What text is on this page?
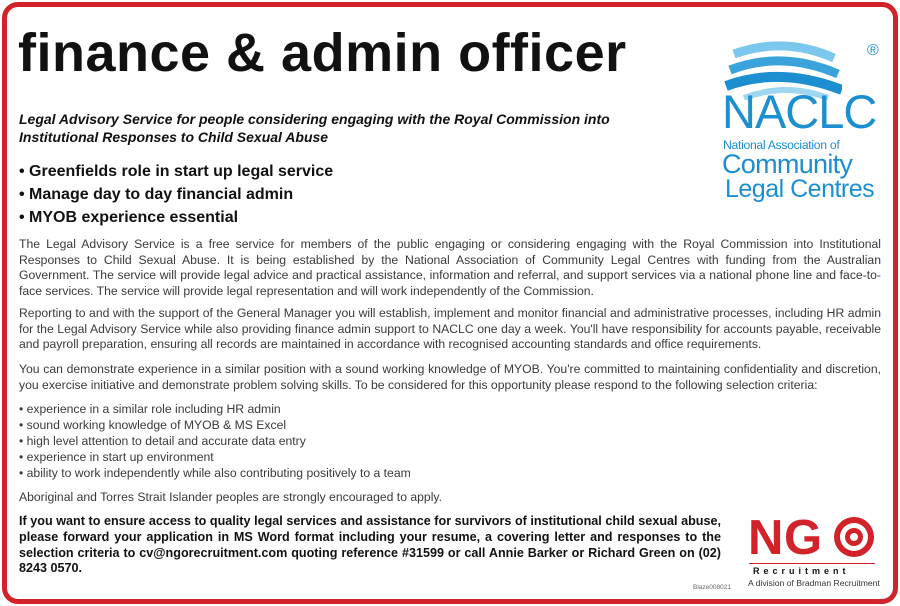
finance & admin officer

Legal Advisory Service for people considering engaging with the Royal Commission into Institutional Responses to Child Sexual Abuse

• Greenfields role in start up legal service
• Manage day to day financial admin
• MYOB experience essential

The Legal Advisory Service is a free service for members of the public engaging or considering engaging with the Royal Commission into Institutional Responses to Child Sexual Abuse. It is being established by the National Association of Community Legal Centres with funding from the Australian Government. The service will provide legal advice and practical assistance, information and referral, and support services via a national phone line and face-to-face services. The service will provide legal representation and will work independently of the Commission.

Reporting to and with the support of the General Manager you will establish, implement and monitor financial and administrative processes, including HR admin for the Legal Advisory Service while also providing finance admin support to NACLC one day a week. You'll have responsibility for accounts payable, receivable and payroll preparation, ensuring all records are maintained in accordance with recognised accounting standards and office requirements.

You can demonstrate experience in a similar position with a sound working knowledge of MYOB. You're committed to maintaining confidentiality and discretion, you exercise initiative and demonstrate problem solving skills. To be considered for this opportunity please respond to the following selection criteria:

• experience in a similar role including HR admin
• sound working knowledge of MYOB & MS Excel
• high level attention to detail and accurate data entry
• experience in start up environment
• ability to work independently while also contributing positively to a team

Aboriginal and Torres Strait Islander peoples are strongly encouraged to apply.

If you want to ensure access to quality legal services and assistance for survivors of institutional child sexual abuse, please forward your application in MS Word format including your resume, a covering letter and responses to the selection criteria to cv@ngorecruitment.com quoting reference #31599 or call Annie Barker or Richard Green on (02) 8243 0570.

®
NACLC
National Association of
Community
Legal Centres
N G
Recruitment
A division of Bradman Recruitment
Blaze008021
